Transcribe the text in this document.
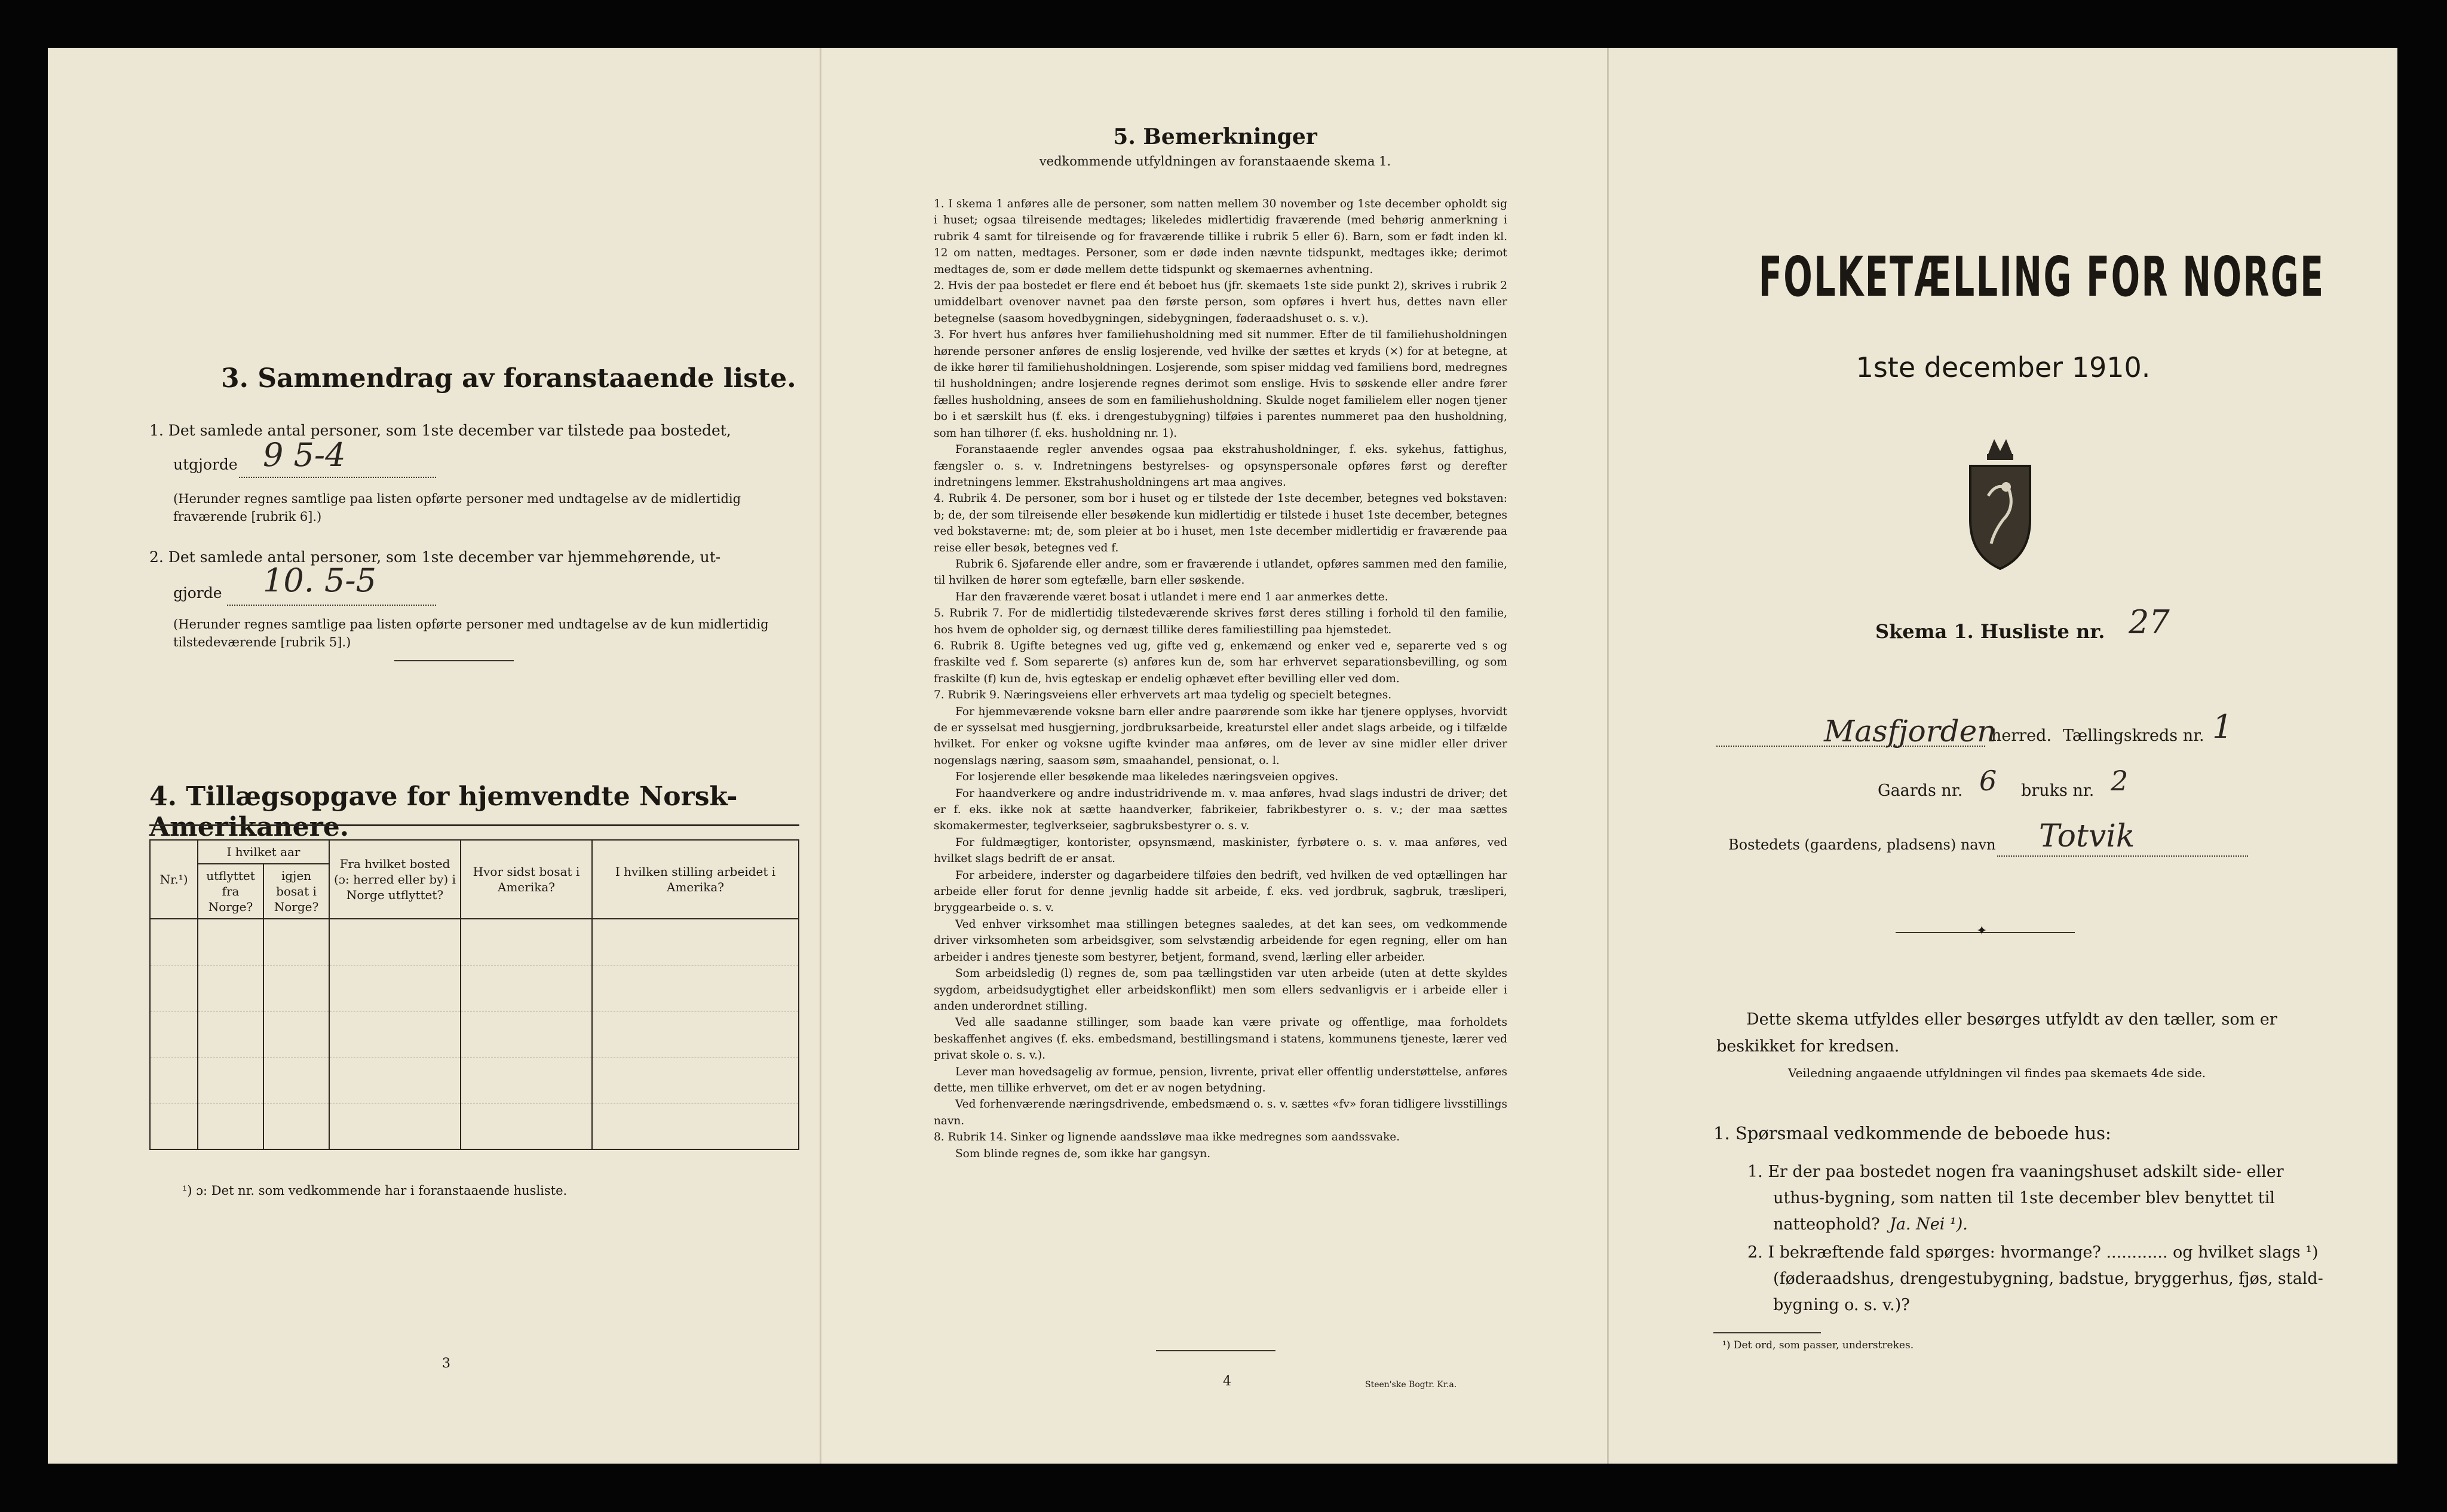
3. Sammendrag av foranstaaende liste.
1. Det samlede antal personer, som 1ste december var tilstede paa bostedet,
utgjorde 9 5-4
(Herunder regnes samtlige paa listen opførte personer med undtagelse av de midlertidig fraværende [rubrik 6].)
2. Det samlede antal personer, som 1ste december var hjemmehørende, ut-
gjorde 10. 5-5
(Herunder regnes samtlige paa listen opførte personer med undtagelse av de kun midlertidig tilstedeværende [rubrik 5].)
4. Tillægsopgave for hjemvendte Norsk-Amerikanere.
Nr.¹)	I hvilket aar		Fra hvilket bosted (ɔ: herred eller by) i Norge utflyttet?	Hvor sidst bosat i Amerika?	I hvilken stilling arbeidet i Amerika?
	utflyttet fra Norge?	igjen bosat i Norge?			

¹) ɔ: Det nr. som vedkommende har i foranstaaende husliste.
3
5. Bemerkninger
vedkommende utfyldningen av foranstaaende skema 1.

1. I skema 1 anføres alle de personer, som natten mellem 30 november og 1ste december opholdt sig i huset; ogsaa tilreisende medtages; likeledes midlertidig fraværende (med behørig anmerkning i rubrik 4 samt for tilreisende og for fraværende tillike i rubrik 5 eller 6). Barn, som er født inden kl. 12 om natten, medtages. Personer, som er døde inden nævnte tidspunkt, medtages ikke; derimot medtages de, som er døde mellem dette tidspunkt og skemaernes avhentning.

2. Hvis der paa bostedet er flere end ét beboet hus (jfr. skemaets 1ste side punkt 2), skrives i rubrik 2 umiddelbart ovenover navnet paa den første person, som opføres i hvert hus, dettes navn eller betegnelse (saasom hovedbygningen, sidebygningen, føderaadshuset o. s. v.).

3. For hvert hus anføres hver familiehusholdning med sit nummer. Efter de til familiehusholdningen hørende personer anføres de enslig losjerende, ved hvilke der sættes et kryds (×) for at betegne, at de ikke hører til familiehusholdningen. Losjerende, som spiser middag ved familiens bord, medregnes til husholdningen; andre losjerende regnes derimot som enslige. Hvis to søskende eller andre fører fælles husholdning, ansees de som en familiehusholdning. Skulde noget familielem eller nogen tjener bo i et særskilt hus (f. eks. i drengestubygning) tilføies i parentes nummeret paa den husholdning, som han tilhører (f. eks. husholdning nr. 1).

Foranstaaende regler anvendes ogsaa paa ekstrahusholdninger, f. eks. sykehus, fattighus, fængsler o. s. v. Indretningens bestyrelses- og opsynspersonale opføres først og derefter indretningens lemmer. Ekstrahusholdningens art maa angives.

4. Rubrik 4. De personer, som bor i huset og er tilstede der 1ste december, betegnes ved bokstaven: b; de, der som tilreisende eller besøkende kun midlertidig er tilstede i huset 1ste december, betegnes ved bokstaverne: mt; de, som pleier at bo i huset, men 1ste december midlertidig er fraværende paa reise eller besøk, betegnes ved f.

Rubrik 6. Sjøfarende eller andre, som er fraværende i utlandet, opføres sammen med den familie, til hvilken de hører som egtefælle, barn eller søskende.

Har den fraværende været bosat i utlandet i mere end 1 aar anmerkes dette.

5. Rubrik 7. For de midlertidig tilstedeværende skrives først deres stilling i forhold til den familie, hos hvem de opholder sig, og dernæst tillike deres familiestilling paa hjemstedet.

6. Rubrik 8. Ugifte betegnes ved ug, gifte ved g, enkemænd og enker ved e, separerte ved s og fraskilte ved f. Som separerte (s) anføres kun de, som har erhvervet separationsbevilling, og som fraskilte (f) kun de, hvis egteskap er endelig ophævet efter bevilling eller ved dom.

7. Rubrik 9. Næringsveiens eller erhvervets art maa tydelig og specielt betegnes.

For hjemmeværende voksne barn eller andre paarørende som ikke har tjenere opplyses, hvorvidt de er sysselsat med husgjerning, jordbruksarbeide, kreaturstel eller andet slags arbeide, og i tilfælde hvilket. For enker og voksne ugifte kvinder maa anføres, om de lever av sine midler eller driver nogenslags næring, saasom søm, smaahandel, pensionat, o. l.

For losjerende eller besøkende maa likeledes næringsveien opgives.

For haandverkere og andre industridrivende m. v. maa anføres, hvad slags industri de driver; det er f. eks. ikke nok at sætte haandverker, fabrikeier, fabrikbestyrer o. s. v.; der maa sættes skomakermester, teglverkseier, sagbruksbestyrer o. s. v.

For fuldmægtiger, kontorister, opsynsmænd, maskinister, fyrbøtere o. s. v. maa anføres, ved hvilket slags bedrift de er ansat.

For arbeidere, inderster og dagarbeidere tilføies den bedrift, ved hvilken de ved optællingen har arbeide eller forut for denne jevnlig hadde sit arbeide, f. eks. ved jordbruk, sagbruk, træsliperi, bryggearbeide o. s. v.

Ved enhver virksomhet maa stillingen betegnes saaledes, at det kan sees, om vedkommende driver virksomheten som arbeidsgiver, som selvstændig arbeidende for egen regning, eller om han arbeider i andres tjeneste som bestyrer, betjent, formand, svend, lærling eller arbeider.

Som arbeidsledig (l) regnes de, som paa tællingstiden var uten arbeide (uten at dette skyldes sygdom, arbeidsudygtighet eller arbeidskonflikt) men som ellers sedvanligvis er i arbeide eller i anden underordnet stilling.

Ved alle saadanne stillinger, som baade kan være private og offentlige, maa forholdets beskaffenhet angives (f. eks. embedsmand, bestillingsmand i statens, kommunens tjeneste, lærer ved privat skole o. s. v.).

Lever man hovedsagelig av formue, pension, livrente, privat eller offentlig understøttelse, anføres dette, men tillike erhvervet, om det er av nogen betydning.

Ved forhenværende næringsdrivende, embedsmænd o. s. v. sættes «fv» foran tidligere livsstillings navn.

8. Rubrik 14. Sinker og lignende aandssløve maa ikke medregnes som aandssvake.

Som blinde regnes de, som ikke har gangsyn.

4	Steen'ske Bogtr. Kr.a.
FOLKETÆLLING FOR NORGE
1ste december 1910.
Skema 1. Husliste nr. 27
Masfjorden
herred. Tællingskreds nr. 1
Gaards nr. 6 bruks nr. 2
Bostedets (gaardens, pladsens) navn Totvik
✦
Dette skema utfyldes eller besørges utfyldt av den tæller, som er
beskikket for kredsen.
Veiledning angaaende utfyldningen vil findes paa skemaets 4de side.
1. Spørsmaal vedkommende de beboede hus:
1. Er der paa bostedet nogen fra vaaningshuset adskilt side- eller
uthus-bygning, som natten til 1ste december blev benyttet til
natteophold? Ja. Nei ¹).
2. I bekræftende fald spørges: hvormange? ............ og hvilket slags ¹)
(føderaadshus, drengestubygning, badstue, bryggerhus, fjøs, stald-
bygning o. s. v.)?
¹) Det ord, som passer, understrekes.
